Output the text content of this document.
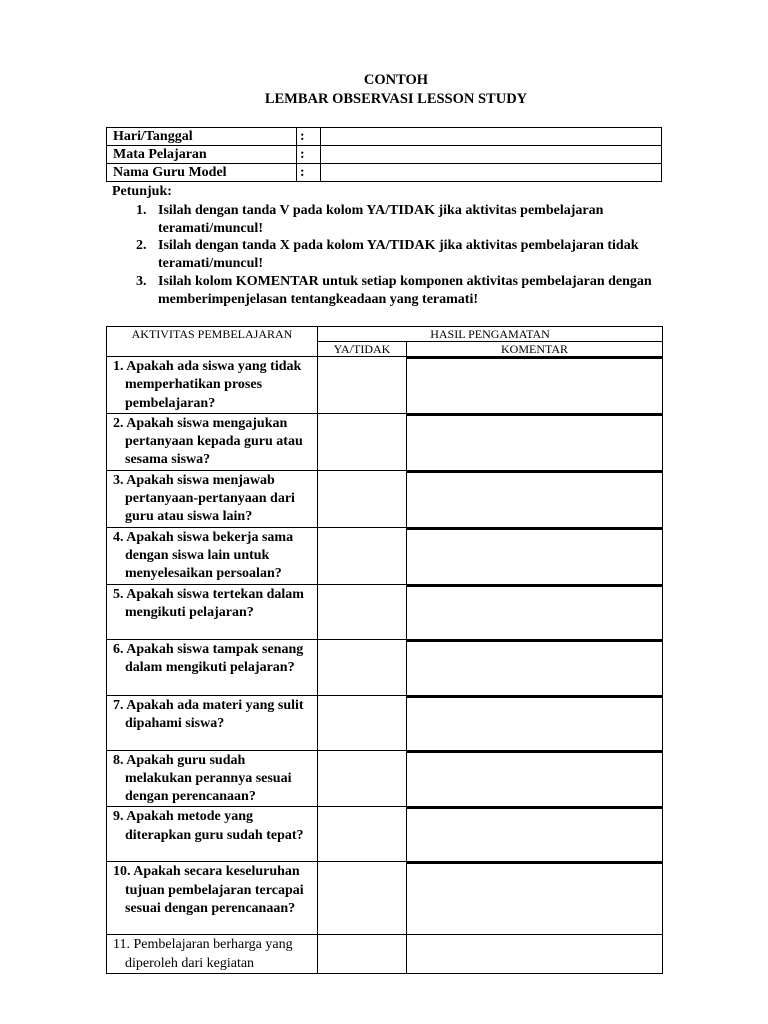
CONTOH
LEMBAR OBSERVASI LESSON STUDY
Hari/Tanggal	:	
Mata Pelajaran	:	
Nama Guru Model	:	
Petunjuk:
1. Isilah dengan tanda V pada kolom YA/TIDAK jika aktivitas pembelajaran teramati/muncul!
2. Isilah dengan tanda X pada kolom YA/TIDAK jika aktivitas pembelajaran tidak teramati/muncul!
3. Isilah kolom KOMENTAR untuk setiap komponen aktivitas pembelajaran dengan memberimpenjelasan tentangkeadaan yang teramati!
AKTIVITAS PEMBELAJARAN	HASIL PENGAMATAN	
	YA/TIDAK	KOMENTAR

1. Apakah ada siswa yang tidak memperhatikan proses pembelajaran?		

2. Apakah siswa mengajukan pertanyaan kepada guru atau sesama siswa?		

3. Apakah siswa menjawab pertanyaan-pertanyaan dari guru atau siswa lain?		

4. Apakah siswa bekerja sama dengan siswa lain untuk menyelesaikan persoalan?		

5. Apakah siswa tertekan dalam mengikuti pelajaran?		

6. Apakah siswa tampak senang dalam mengikuti pelajaran?		

7. Apakah ada materi yang sulit dipahami siswa?		

8. Apakah guru sudah melakukan perannya sesuai dengan perencanaan?		

9. Apakah metode yang diterapkan guru sudah tepat?		

10. Apakah secara keseluruhan tujuan pembelajaran tercapai sesuai dengan perencanaan?		

11. Pembelajaran berharga yang diperoleh dari kegiatan		
